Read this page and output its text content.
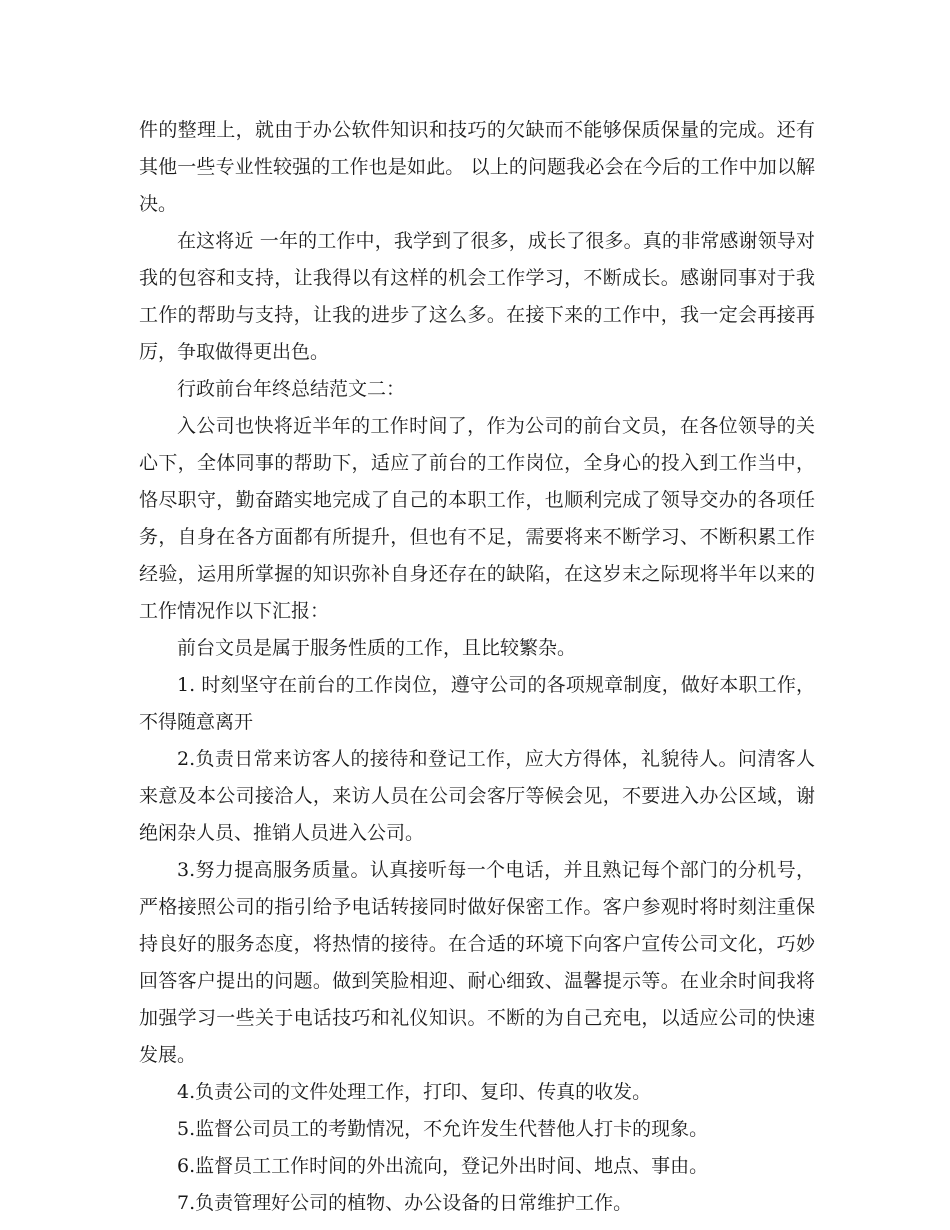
件的整理上，就由于办公软件知识和技巧的欠缺而不能够保质保量的完成。还有其他一些专业性较强的工作也是如此。 以上的问题我必会在今后的工作中加以解决。

在这将近 一年的工作中，我学到了很多，成长了很多。真的非常感谢领导对我的包容和支持，让我得以有这样的机会工作学习，不断成长。感谢同事对于我工作的帮助与支持，让我的进步了这么多。在接下来的工作中，我一定会再接再厉，争取做得更出色。

行政前台年终总结范文二：

入公司也快将近半年的工作时间了，作为公司的前台文员，在各位领导的关心下，全体同事的帮助下，适应了前台的工作岗位，全身心的投入到工作当中，恪尽职守，勤奋踏实地完成了自己的本职工作，也顺利完成了领导交办的各项任务，自身在各方面都有所提升，但也有不足，需要将来不断学习、不断积累工作经验，运用所掌握的知识弥补自身还存在的缺陷，在这岁末之际现将半年以来的工作情况作以下汇报：

前台文员是属于服务性质的工作，且比较繁杂。

1. 时刻坚守在前台的工作岗位，遵守公司的各项规章制度，做好本职工作，不得随意离开

2.负责日常来访客人的接待和登记工作，应大方得体，礼貌待人。问清客人来意及本公司接洽人，来访人员在公司会客厅等候会见，不要进入办公区域，谢绝闲杂人员、推销人员进入公司。

3.努力提高服务质量。认真接听每一个电话，并且熟记每个部门的分机号，严格接照公司的指引给予电话转接同时做好保密工作。客户参观时将时刻注重保持良好的服务态度，将热情的接待。在合适的环境下向客户宣传公司文化，巧妙回答客户提出的问题。做到笑脸相迎、耐心细致、温馨提示等。在业余时间我将加强学习一些关于电话技巧和礼仪知识。不断的为自己充电，以适应公司的快速发展。

4.负责公司的文件处理工作，打印、复印、传真的收发。

5.监督公司员工的考勤情况，不允许发生代替他人打卡的现象。

6.监督员工工作时间的外出流向，登记外出时间、地点、事由。

7.负责管理好公司的植物、办公设备的日常维护工作。
